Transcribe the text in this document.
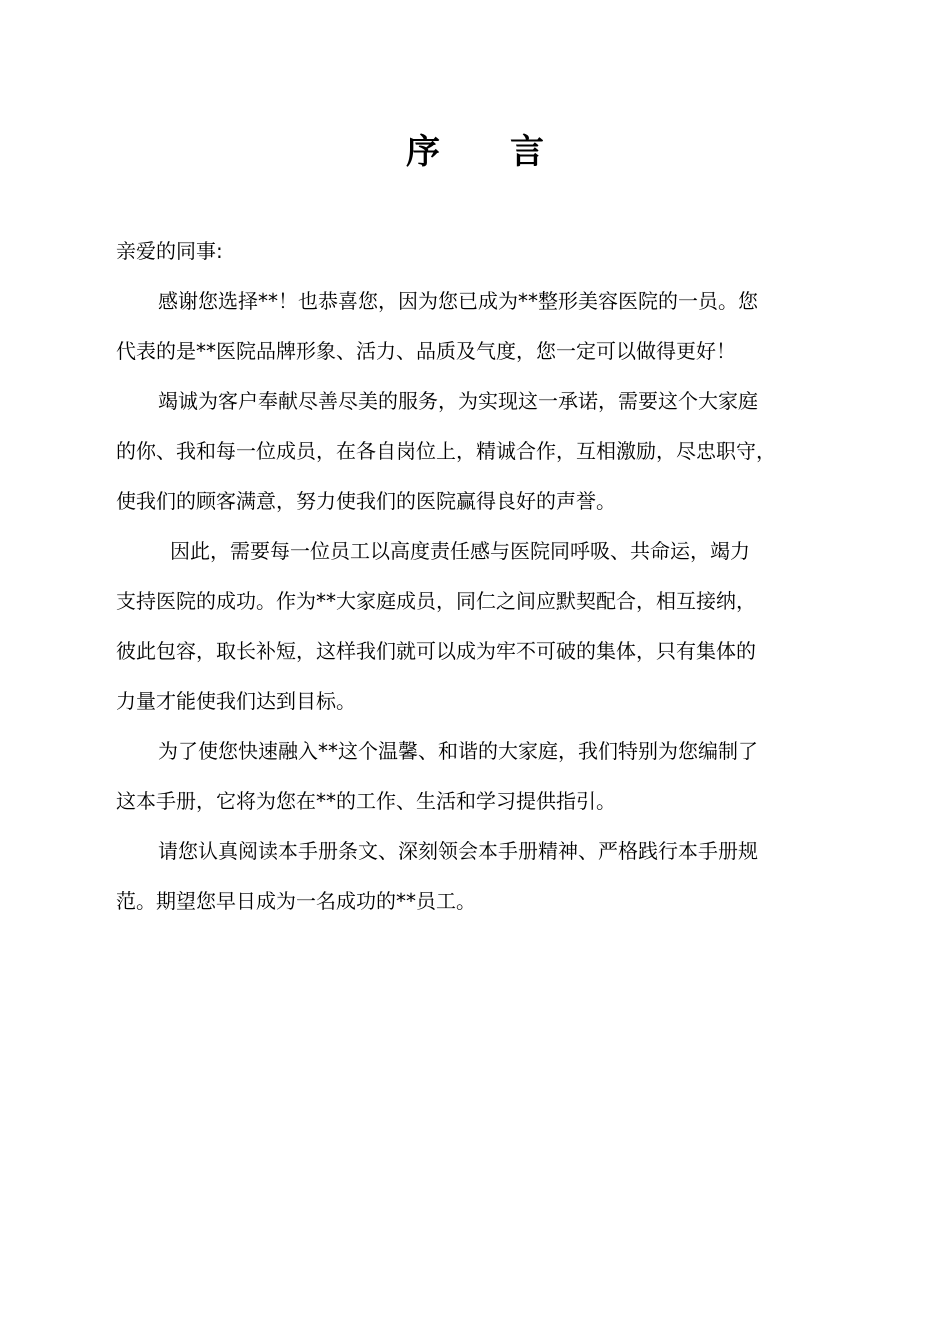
序 言
亲爱的同事:
感谢您选择**！也恭喜您，因为您已成为**整形美容医院的一员。您
代表的是**医院品牌形象、活力、品质及气度，您一定可以做得更好！
竭诚为客户奉献尽善尽美的服务，为实现这一承诺，需要这个大家庭
的你、我和每一位成员，在各自岗位上，精诚合作，互相激励，尽忠职守，
使我们的顾客满意，努力使我们的医院赢得良好的声誉。
因此，需要每一位员工以高度责任感与医院同呼吸、共命运，竭力
支持医院的成功。作为**大家庭成员，同仁之间应默契配合，相互接纳，
彼此包容，取长补短，这样我们就可以成为牢不可破的集体，只有集体的
力量才能使我们达到目标。
为了使您快速融入**这个温馨、和谐的大家庭，我们特别为您编制了
这本手册，它将为您在**的工作、生活和学习提供指引。
请您认真阅读本手册条文、深刻领会本手册精神、严格践行本手册规
范。期望您早日成为一名成功的**员工。
